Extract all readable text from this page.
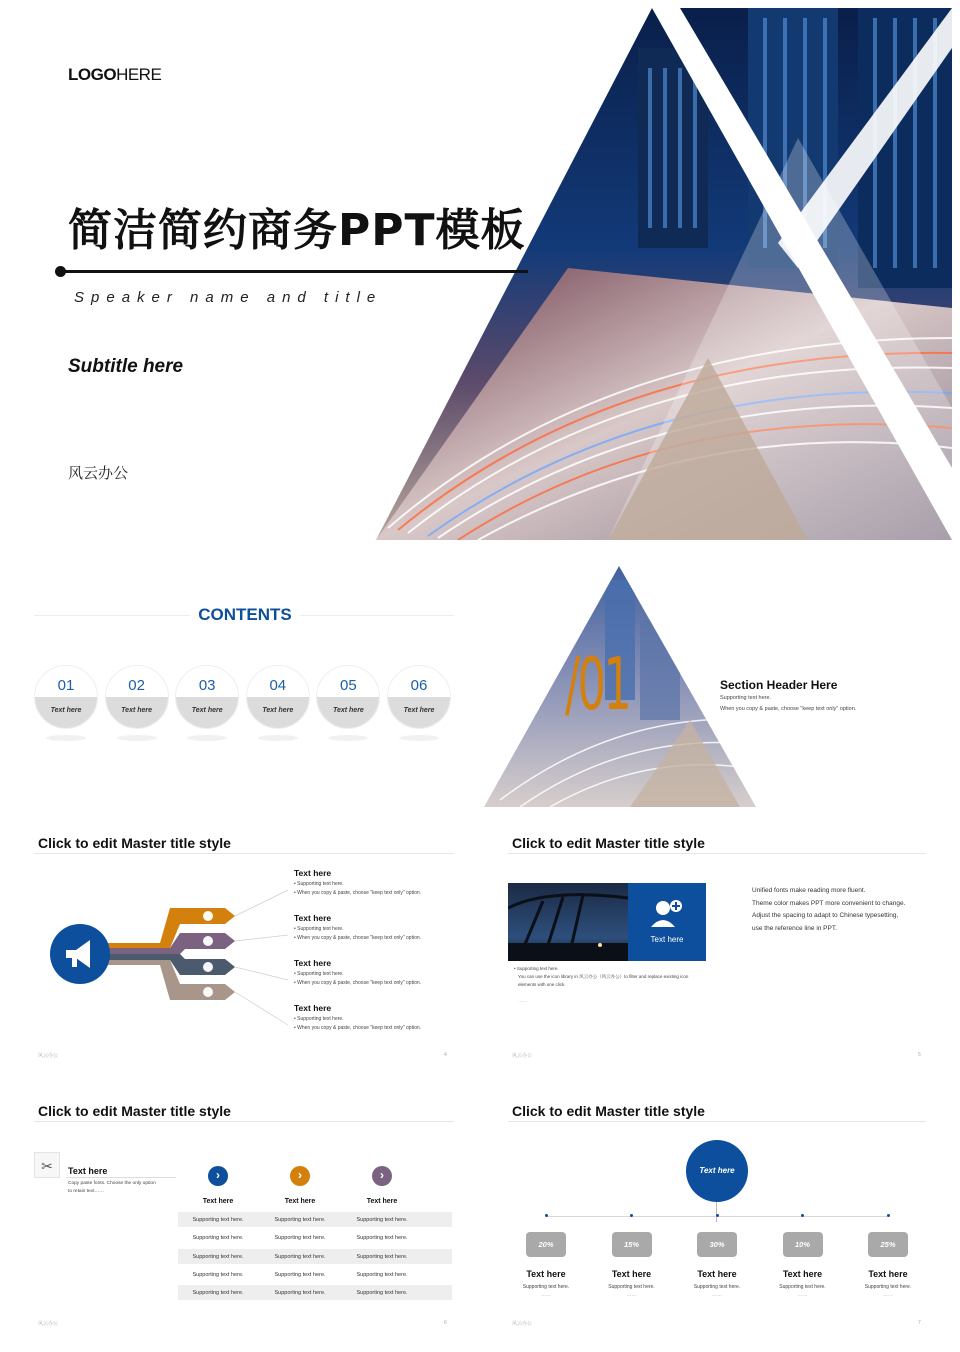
LOGOHERE
简洁简约商务PPT模板
Speaker name and title
Subtitle here
风云办公
CONTENTS
01
Text here
02
Text here
03
Text here
04
Text here
05
Text here
06
Text here /01	Section Header Here
Supporting text here.
When you copy & paste, choose "keep text only" option.
Click to edit Master title style
Text here
• Supporting text here.
• When you copy & paste, choose "keep text only" option.
Text here
• Supporting text here.
• When you copy & paste, choose "keep text only" option.
Text here
• Supporting text here.
• When you copy & paste, choose "keep text only" option.
Text here
• Supporting text here.
• When you copy & paste, choose "keep text only" option.
风云办公	4
Click to edit Master title style
Text here
• Supporting text here.
You can use the icon library in 风云办公（风云办公）to filter and replace existing icon
elements with one click.
……
Unified fonts make reading more fluent.
Theme color makes PPT more convenient to change.
Adjust the spacing to adapt to Chinese typesetting,
use the reference line in PPT.
风云办公	5
Click to edit Master title style
✂	Text here
Copy paste fonts. Choose the only option
to retain text……
›
Text here
›
Text here
›
Text here
Supporting text here.	Supporting text here.	Supporting text here.
Supporting text here.	Supporting text here.	Supporting text here.
Supporting text here.	Supporting text here.	Supporting text here.
Supporting text here.	Supporting text here.	Supporting text here.
Supporting text here.	Supporting text here.	Supporting text here.
风云办公	6
Click to edit Master title style
Text here
20%
Text here
Supporting text here.
……
15%
Text here
Supporting text here.
……
30%
Text here
Supporting text here.
……
10%
Text here
Supporting text here.
……
25%
Text here
Supporting text here.
……
风云办公	7
